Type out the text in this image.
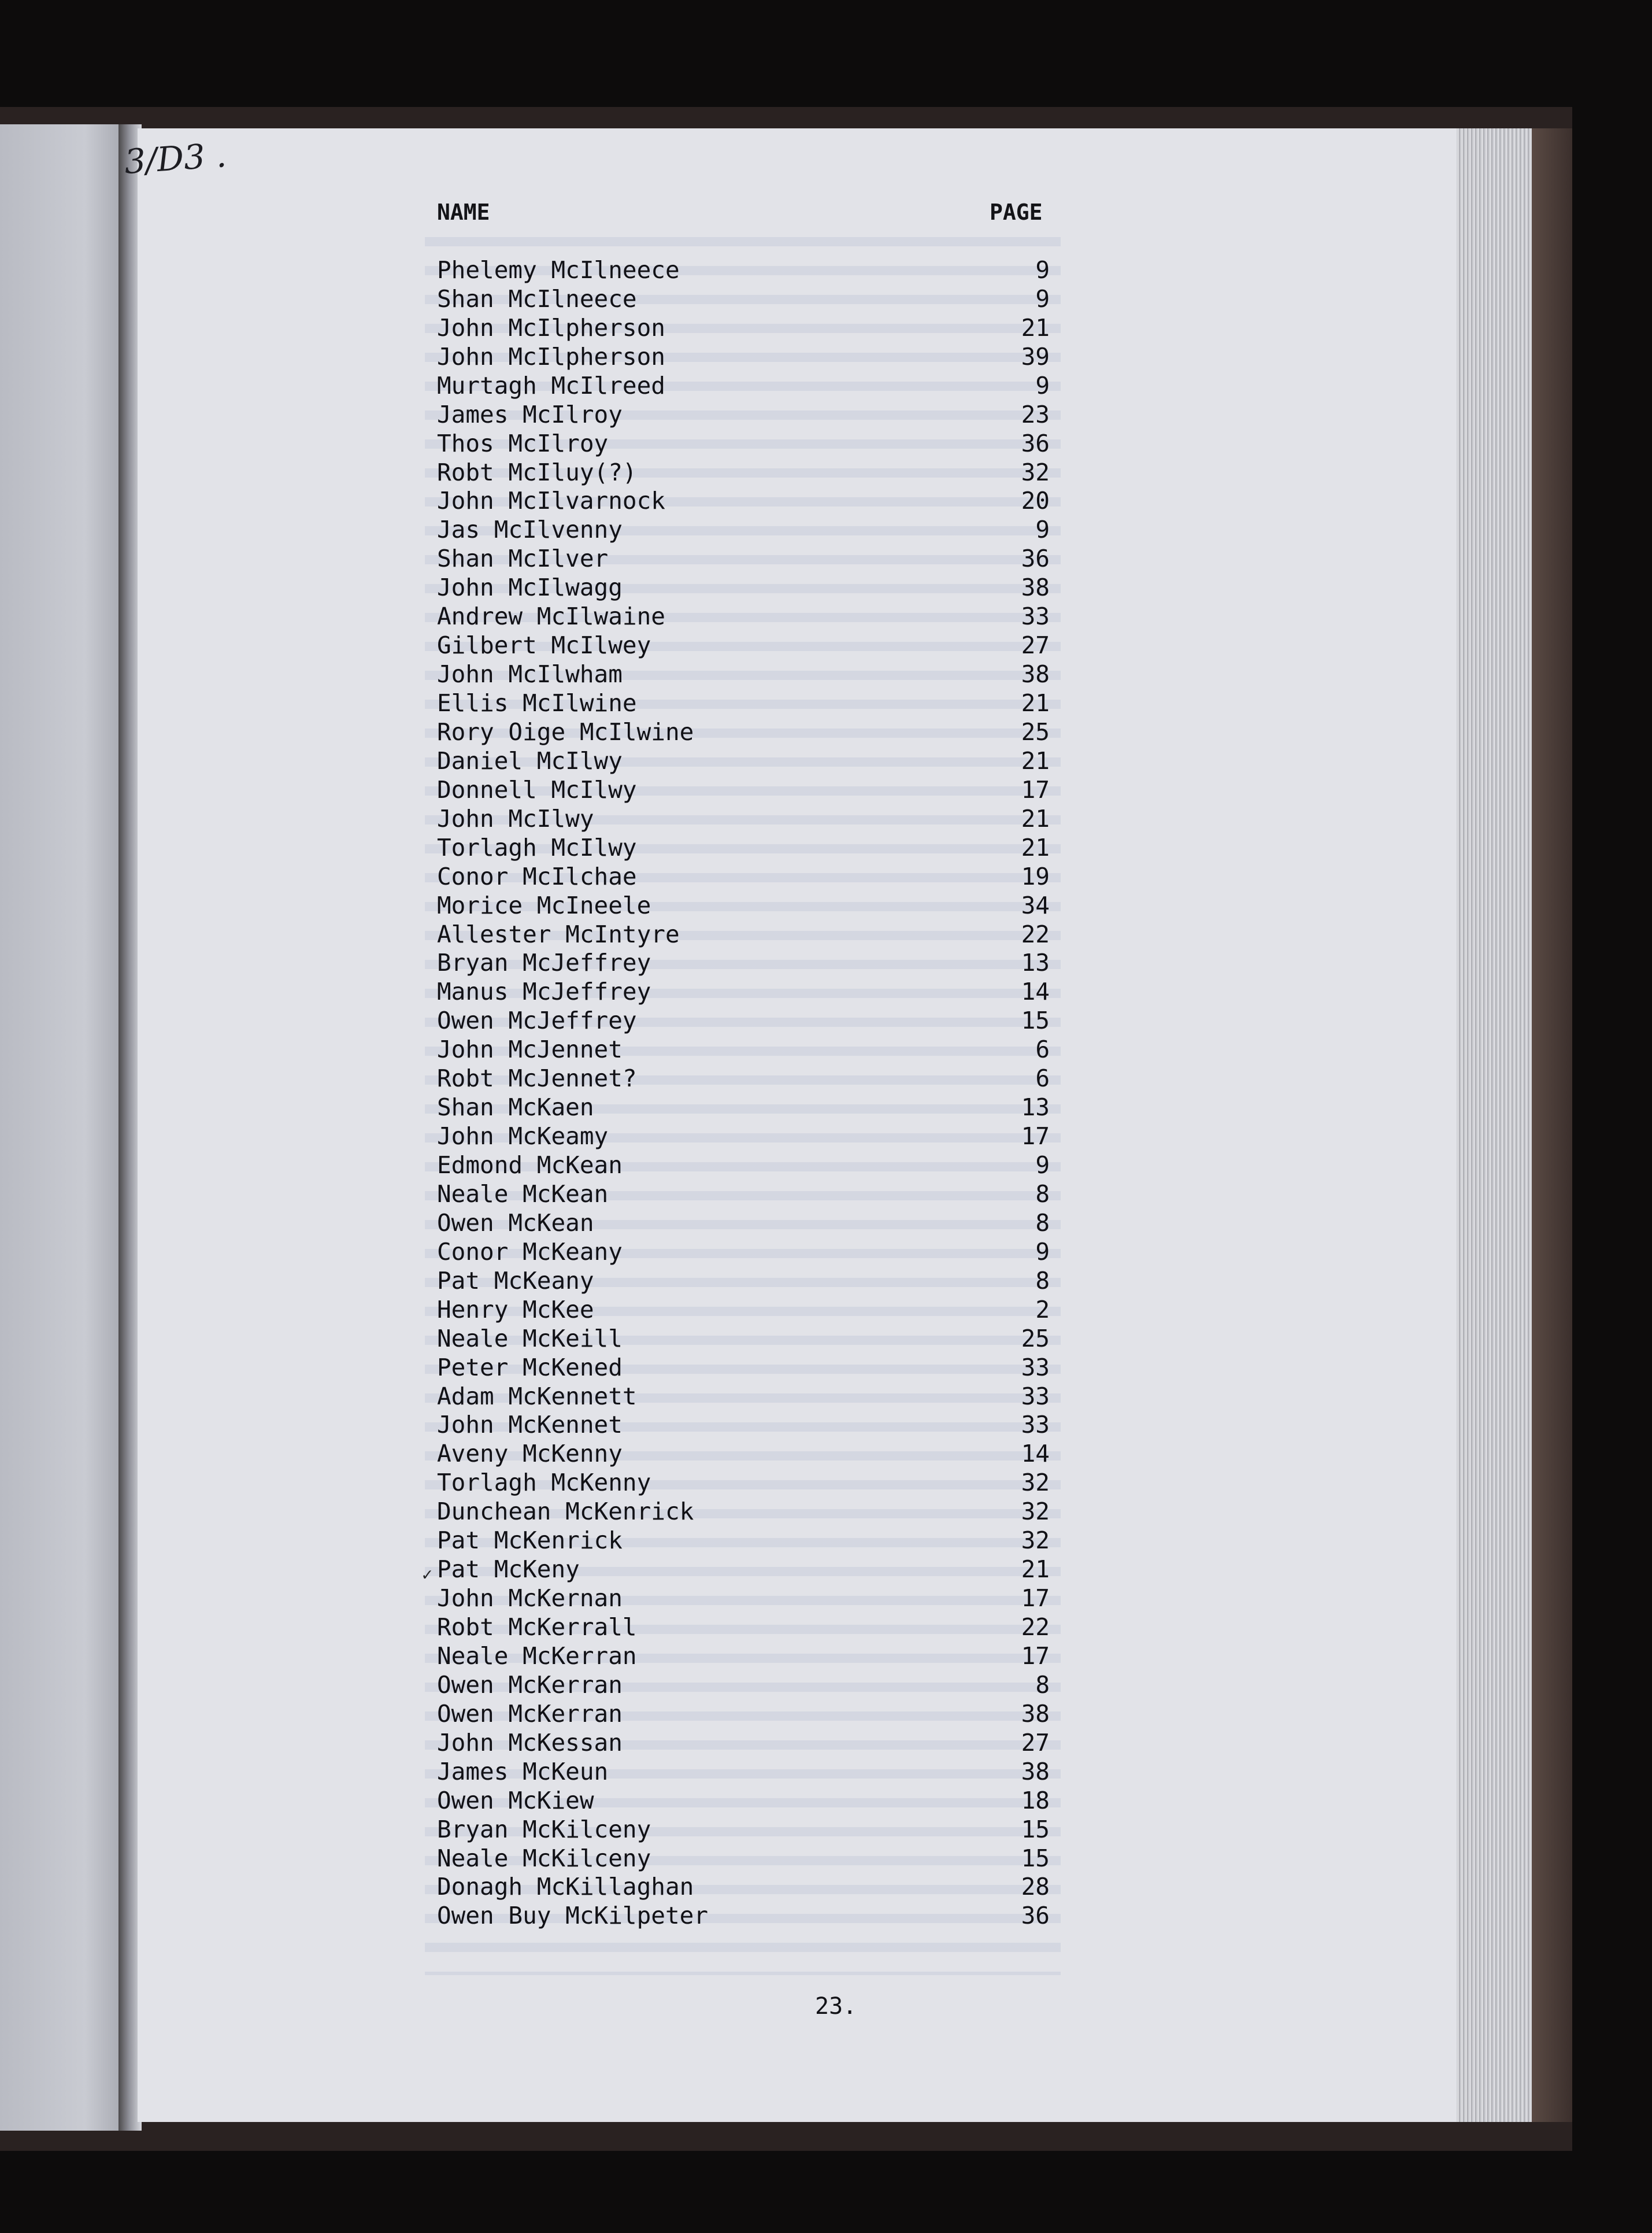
3/D3 .
NAME	PAGE
Phelemy McIlneece	9
Shan McIlneece	9
John McIlpherson	21
John McIlpherson	39
Murtagh McIlreed	9
James McIlroy	23
Thos McIlroy	36
Robt McIluy(?)	32
John McIlvarnock	20
Jas McIlvenny	9
Shan McIlver	36
John McIlwagg	38
Andrew McIlwaine	33
Gilbert McIlwey	27
John McIlwham	38
Ellis McIlwine	21
Rory Oige McIlwine	25
Daniel McIlwy	21
Donnell McIlwy	17
John McIlwy	21
Torlagh McIlwy	21
Conor McIlchae	19
Morice McIneele	34
Allester McIntyre	22
Bryan McJeffrey	13
Manus McJeffrey	14
Owen McJeffrey	15
John McJennet	6
Robt McJennet?	6
Shan McKaen	13
John McKeamy	17
Edmond McKean	9
Neale McKean	8
Owen McKean	8
Conor McKeany	9
Pat McKeany	8
Henry McKee	2
Neale McKeill	25
Peter McKened	33
Adam McKennett	33
John McKennet	33
Aveny McKenny	14
Torlagh McKenny	32
Dunchean McKenrick	32
Pat McKenrick	32
Pat McKeny	21
John McKernan	17
Robt McKerrall	22
Neale McKerran	17
Owen McKerran	8
Owen McKerran	38
John McKessan	27
James McKeun	38
Owen McKiew	18
Bryan McKilceny	15
Neale McKilceny	15
Donagh McKillaghan	28
Owen Buy McKilpeter	36
✓
23.
